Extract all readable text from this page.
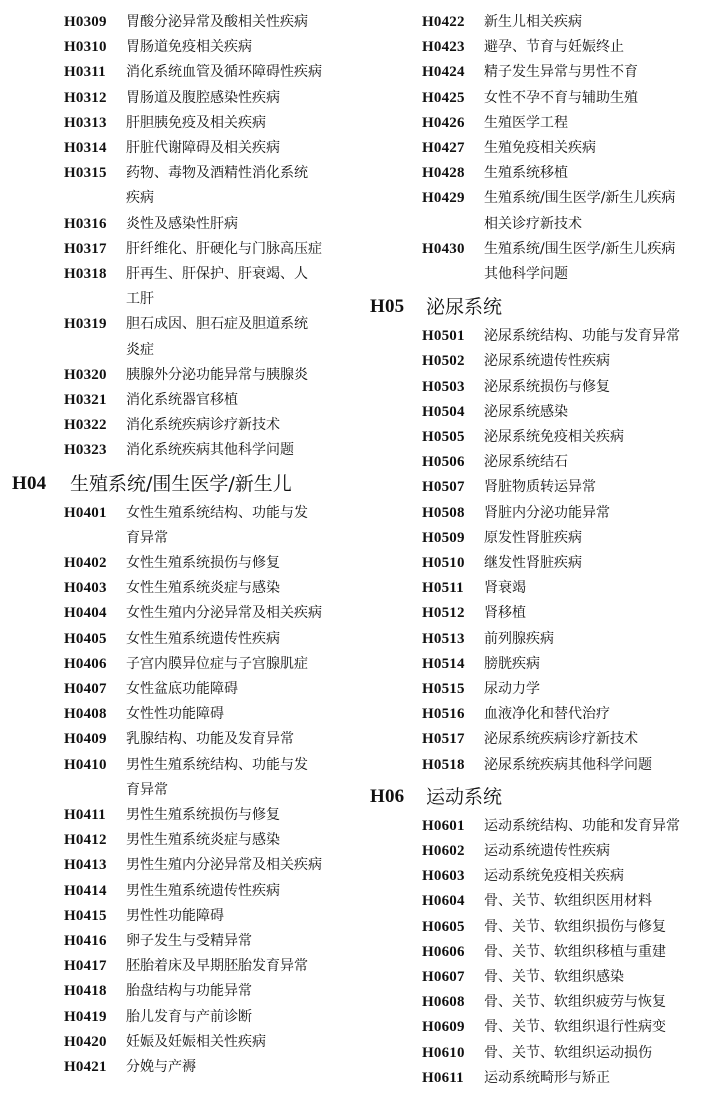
H0309 胃酸分泌异常及酸相关性疾病
H0310 胃肠道免疫相关疾病
H0311 消化系统血管及循环障碍性疾病
H0312 胃肠道及腹腔感染性疾病
H0313 肝胆胰免疫及相关疾病
H0314 肝脏代谢障碍及相关疾病
H0315 药物、毒物及酒精性消化系统
疾病
H0316 炎性及感染性肝病
H0317 肝纤维化、肝硬化与门脉高压症
H0318 肝再生、肝保护、肝衰竭、人
工肝
H0319 胆石成因、胆石症及胆道系统
炎症
H0320 胰腺外分泌功能异常与胰腺炎
H0321 消化系统器官移植
H0322 消化系统疾病诊疗新技术
H0323 消化系统疾病其他科学问题
H04 生殖系统/围生医学/新生儿
H0401 女性生殖系统结构、功能与发
育异常
H0402 女性生殖系统损伤与修复
H0403 女性生殖系统炎症与感染
H0404 女性生殖内分泌异常及相关疾病
H0405 女性生殖系统遗传性疾病
H0406 子宫内膜异位症与子宫腺肌症
H0407 女性盆底功能障碍
H0408 女性性功能障碍
H0409 乳腺结构、功能及发育异常
H0410 男性生殖系统结构、功能与发
育异常
H0411 男性生殖系统损伤与修复
H0412 男性生殖系统炎症与感染
H0413 男性生殖内分泌异常及相关疾病
H0414 男性生殖系统遗传性疾病
H0415 男性性功能障碍
H0416 卵子发生与受精异常
H0417 胚胎着床及早期胚胎发育异常
H0418 胎盘结构与功能异常
H0419 胎儿发育与产前诊断
H0420 妊娠及妊娠相关性疾病
H0421 分娩与产褥
H0422 新生儿相关疾病
H0423 避孕、节育与妊娠终止
H0424 精子发生异常与男性不育
H0425 女性不孕不育与辅助生殖
H0426 生殖医学工程
H0427 生殖免疫相关疾病
H0428 生殖系统移植
H0429 生殖系统/围生医学/新生儿疾病
相关诊疗新技术
H0430 生殖系统/围生医学/新生儿疾病
其他科学问题
H05 泌尿系统
H0501 泌尿系统结构、功能与发育异常
H0502 泌尿系统遗传性疾病
H0503 泌尿系统损伤与修复
H0504 泌尿系统感染
H0505 泌尿系统免疫相关疾病
H0506 泌尿系统结石
H0507 肾脏物质转运异常
H0508 肾脏内分泌功能异常
H0509 原发性肾脏疾病
H0510 继发性肾脏疾病
H0511 肾衰竭
H0512 肾移植
H0513 前列腺疾病
H0514 膀胱疾病
H0515 尿动力学
H0516 血液净化和替代治疗
H0517 泌尿系统疾病诊疗新技术
H0518 泌尿系统疾病其他科学问题
H06 运动系统
H0601 运动系统结构、功能和发育异常
H0602 运动系统遗传性疾病
H0603 运动系统免疫相关疾病
H0604 骨、关节、软组织医用材料
H0605 骨、关节、软组织损伤与修复
H0606 骨、关节、软组织移植与重建
H0607 骨、关节、软组织感染
H0608 骨、关节、软组织疲劳与恢复
H0609 骨、关节、软组织退行性病变
H0610 骨、关节、软组织运动损伤
H0611 运动系统畸形与矫正
